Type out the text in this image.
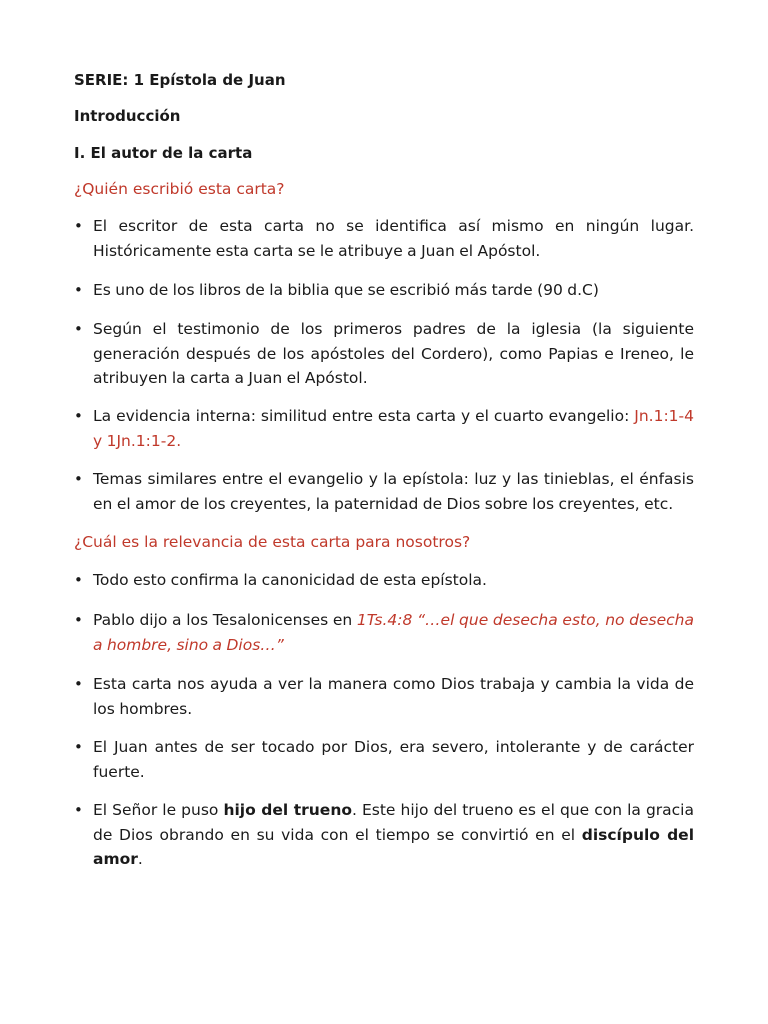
SERIE: 1 Epístola de Juan
Introducción
I. El autor de la carta
¿Quién escribió esta carta?
• El escritor de esta carta no se identifica así mismo en ningún lugar. Históricamente esta carta se le atribuye a Juan el Apóstol.
• Es uno de los libros de la biblia que se escribió más tarde (90 d.C)
• Según el testimonio de los primeros padres de la iglesia (la siguiente generación después de los apóstoles del Cordero), como Papias e Ireneo, le atribuyen la carta a Juan el Apóstol.
• La evidencia interna: similitud entre esta carta y el cuarto evangelio: Jn.1:1-4 y 1Jn.1:1-2.
• Temas similares entre el evangelio y la epístola: luz y las tinieblas, el énfasis en el amor de los creyentes, la paternidad de Dios sobre los creyentes, etc.
¿Cuál es la relevancia de esta carta para nosotros?
• Todo esto confirma la canonicidad de esta epístola.
• Pablo dijo a los Tesalonicenses en 1Ts.4:8 “…el que desecha esto, no desecha a hombre, sino a Dios…”
• Esta carta nos ayuda a ver la manera como Dios trabaja y cambia la vida de los hombres.
• El Juan antes de ser tocado por Dios, era severo, intolerante y de carácter fuerte.
• El Señor le puso hijo del trueno. Este hijo del trueno es el que con la gracia de Dios obrando en su vida con el tiempo se convirtió en el discípulo del amor.
